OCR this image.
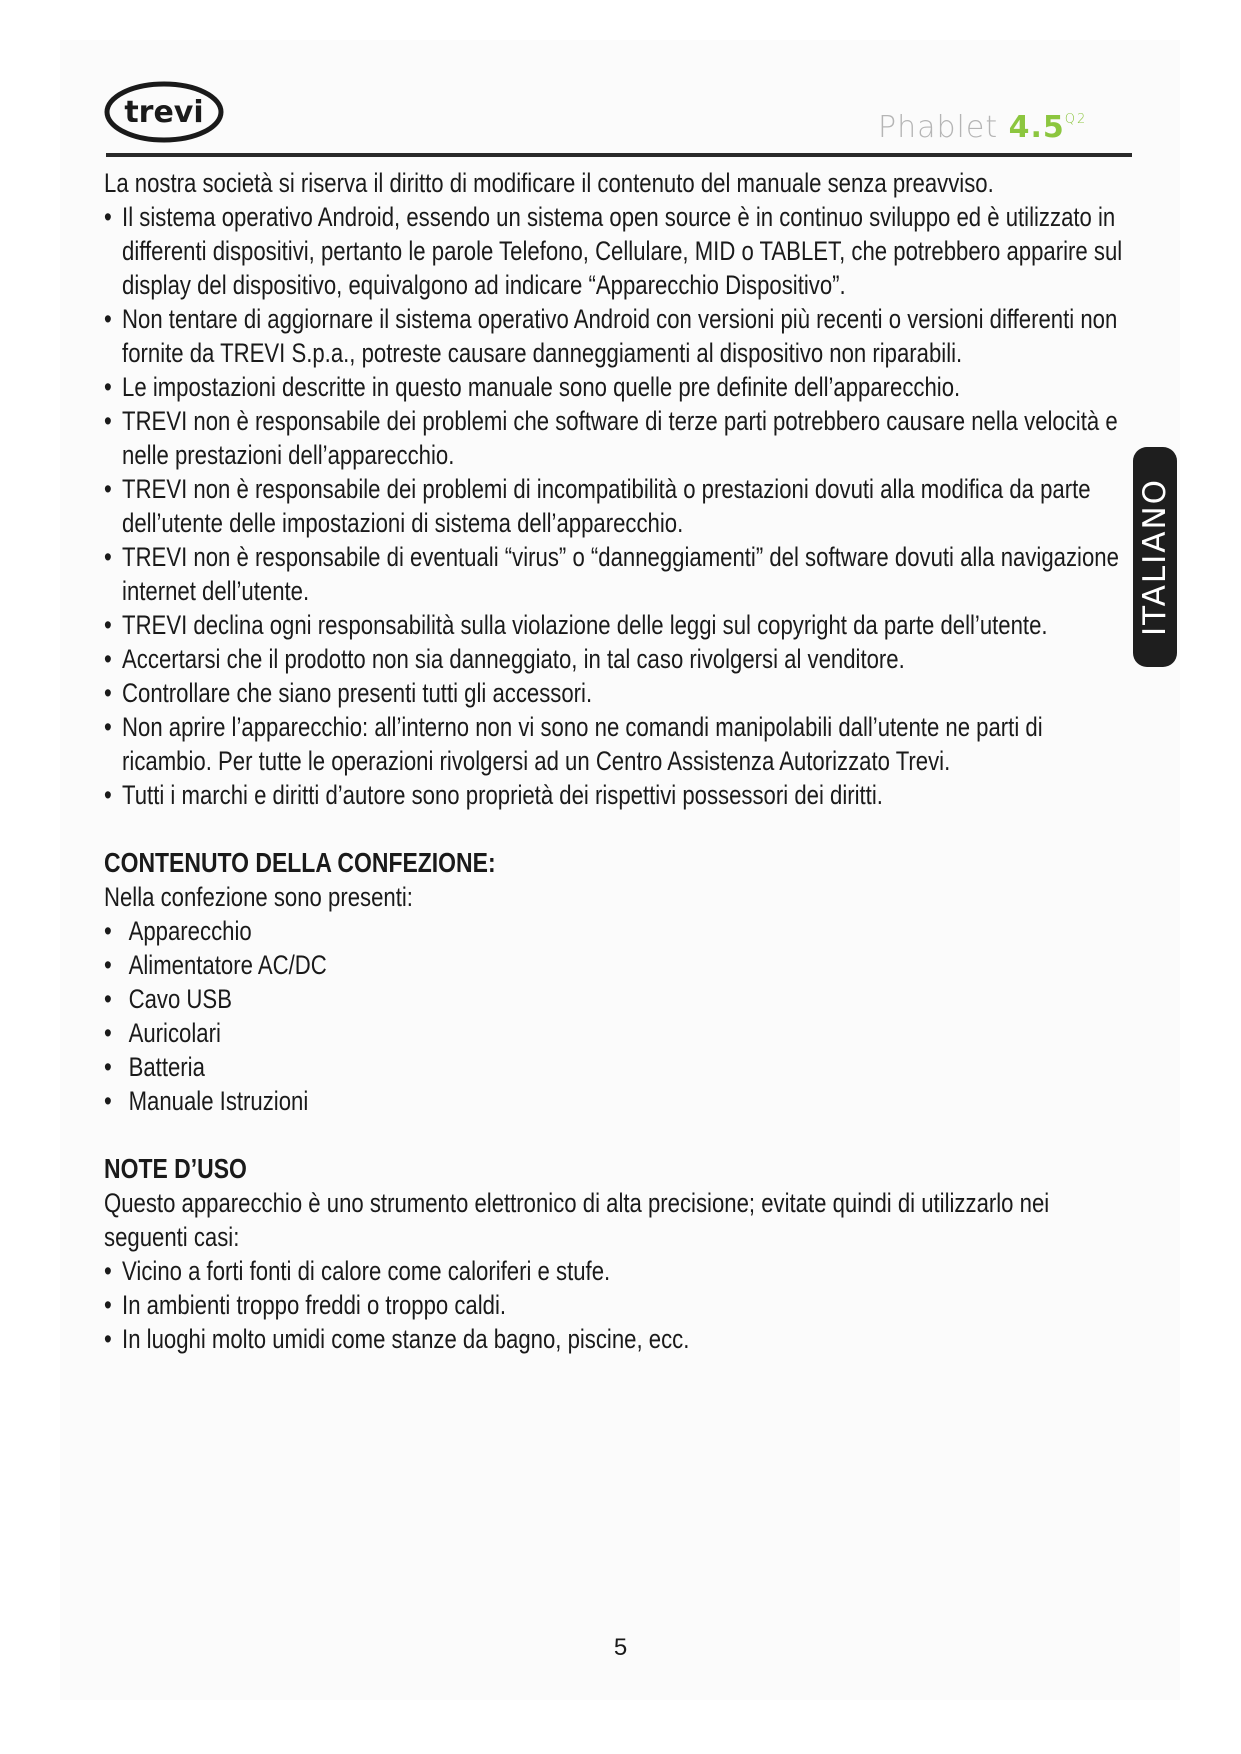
trevi	Phablet $4.5^{Q2}$
ITALIANO

La nostra società si riserva il diritto di modificare il contenuto del manuale senza preavviso.

• Il sistema operativo Android, essendo un sistema open source è in continuo sviluppo ed è utilizzato in differenti dispositivi, pertanto le parole Telefono, Cellulare, MID o TABLET, che potrebbero apparire sul display del dispositivo, equivalgono ad indicare “Apparecchio Dispositivo”.
• Non tentare di aggiornare il sistema operativo Android con versioni più recenti o versioni differenti non fornite da TREVI S.p.a., potreste causare danneggiamenti al dispositivo non riparabili.
• Le impostazioni descritte in questo manuale sono quelle pre definite dell’apparecchio.
• TREVI non è responsabile dei problemi che software di terze parti potrebbero causare nella velocità e nelle prestazioni dell’apparecchio.
• TREVI non è responsabile dei problemi di incompatibilità o prestazioni dovuti alla modifica da parte dell’utente delle impostazioni di sistema dell’apparecchio.
• TREVI non è responsabile di eventuali “virus” o “danneggiamenti” del software dovuti alla navigazione internet dell’utente.
• TREVI declina ogni responsabilità sulla violazione delle leggi sul copyright da parte dell’utente.
• Accertarsi che il prodotto non sia danneggiato, in tal caso rivolgersi al venditore.
• Controllare che siano presenti tutti gli accessori.
• Non aprire l’apparecchio: all’interno non vi sono ne comandi manipolabili dall’utente ne parti di ricambio. Per tutte le operazioni rivolgersi ad un Centro Assistenza Autorizzato Trevi.
• Tutti i marchi e diritti d’autore sono proprietà dei rispettivi possessori dei diritti.
CONTENUTO DELLA CONFEZIONE:
Nella confezione sono presenti:
• Apparecchio
• Alimentatore AC/DC
• Cavo USB
• Auricolari
• Batteria
• Manuale Istruzioni
NOTE D’USO
Questo apparecchio è uno strumento elettronico di alta precisione; evitate quindi di utilizzarlo nei seguenti casi:
• Vicino a forti fonti di calore come caloriferi e stufe.
• In ambienti troppo freddi o troppo caldi.
• In luoghi molto umidi come stanze da bagno, piscine, ecc.
5
